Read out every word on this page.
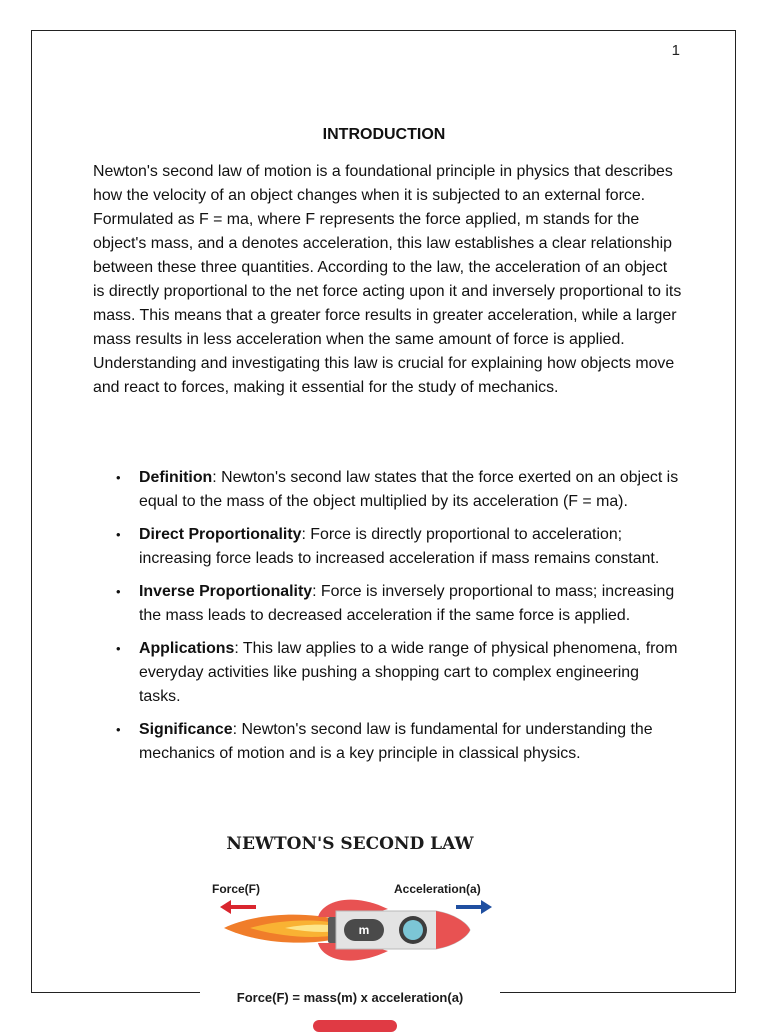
1
INTRODUCTION

Newton's second law of motion is a foundational principle in physics that describes how the velocity of an object changes when it is subjected to an external force. Formulated as F = ma, where F represents the force applied, m stands for the object's mass, and a denotes acceleration, this law establishes a clear relationship between these three quantities. According to the law, the acceleration of an object is directly proportional to the net force acting upon it and inversely proportional to its mass. This means that a greater force results in greater acceleration, while a larger mass results in less acceleration when the same amount of force is applied. Understanding and investigating this law is crucial for explaining how objects move and react to forces, making it essential for the study of mechanics.

• Definition: Newton's second law states that the force exerted on an object is equal to the mass of the object multiplied by its acceleration (F = ma).
• Direct Proportionality: Force is directly proportional to acceleration; increasing force leads to increased acceleration if mass remains constant.
• Inverse Proportionality: Force is inversely proportional to mass; increasing the mass leads to decreased acceleration if the same force is applied.
• Applications: This law applies to a wide range of physical phenomena, from everyday activities like pushing a shopping cart to complex engineering tasks.
• Significance: Newton's second law is fundamental for understanding the mechanics of motion and is a key principle in classical physics.
NEWTON'S SECOND LAW
Force(F)	Acceleration(a)
m
Force(F) = mass(m) x acceleration(a)
